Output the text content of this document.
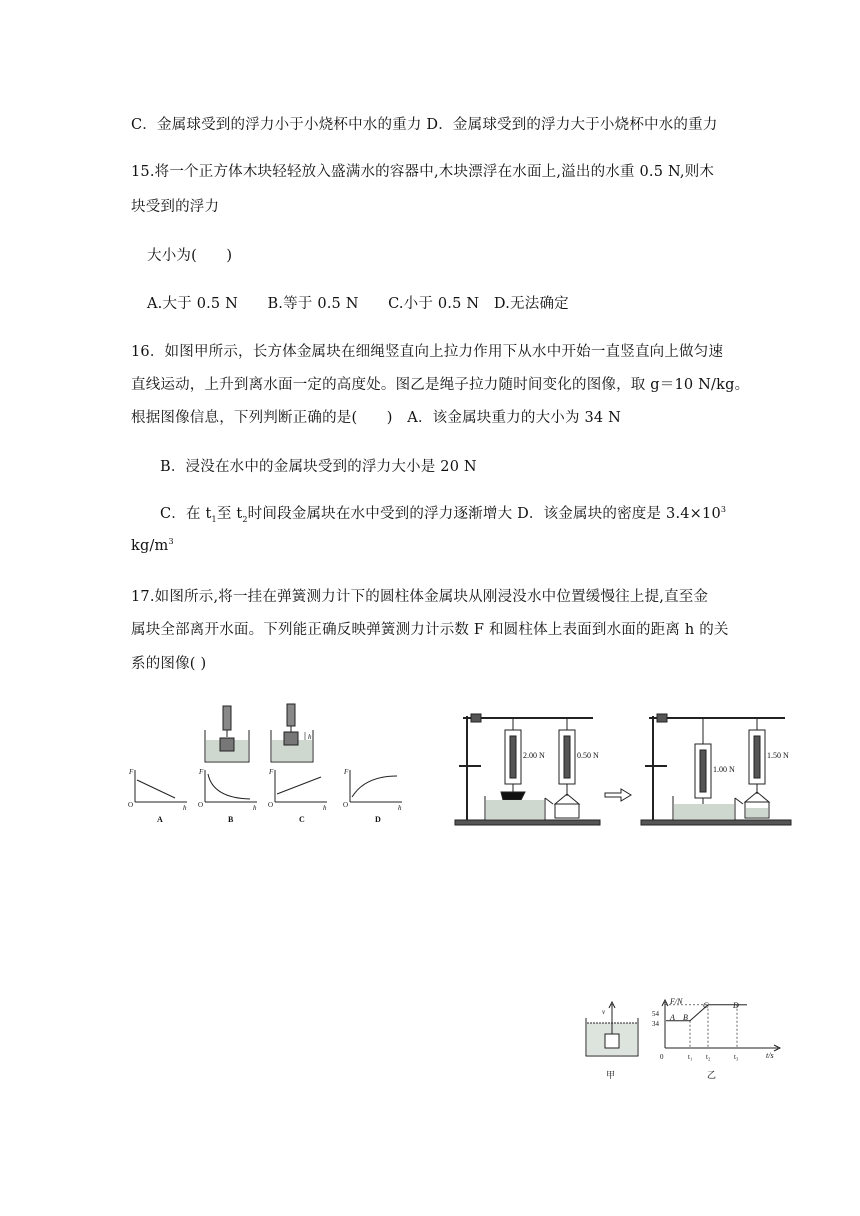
C．金属球受到的浮力小于小烧杯中水的重力 D．金属球受到的浮力大于小烧杯中水的重力
15.将一个正方体木块轻轻放入盛满水的容器中,木块漂浮在水面上,溢出的水重 0.5 N,则木
块受到的浮力
大小为(　　)
A.大于 0.5 N　　B.等于 0.5 N　　C.小于 0.5 N　D.无法确定
16．如图甲所示，长方体金属块在细绳竖直向上拉力作用下从水中开始一直竖直向上做匀速
直线运动，上升到离水面一定的高度处。图乙是绳子拉力随时间变化的图像，取 g＝10 N/kg。
根据图像信息，下列判断正确的是(　　)　A．该金属块重力的大小为 34 N
B．浸没在水中的金属块受到的浮力大小是 20 N
C．在 $t_1$至 $t_2$时间段金属块在水中受到的浮力逐渐增大 D．该金属块的密度是 $3.4\times 10^3$
$kg/m^3$
17.如图所示,将一挂在弹簧测力计下的圆柱体金属块从刚浸没水中位置缓慢往上提,直至金
属块全部离开水面。下列能正确反映弹簧测力计示数 F 和圆柱体上表面到水面的距离 h 的关
系的图像( )
h
F
O	h
A
F
O	h
B
F
O	h
C
F
O	h
D
2.00 N	0.50 N
1.00 N
1.50 N
v
甲
F/N
t/s
0
54
34
t₁ t₂	t₃
A B
C	D
乙
